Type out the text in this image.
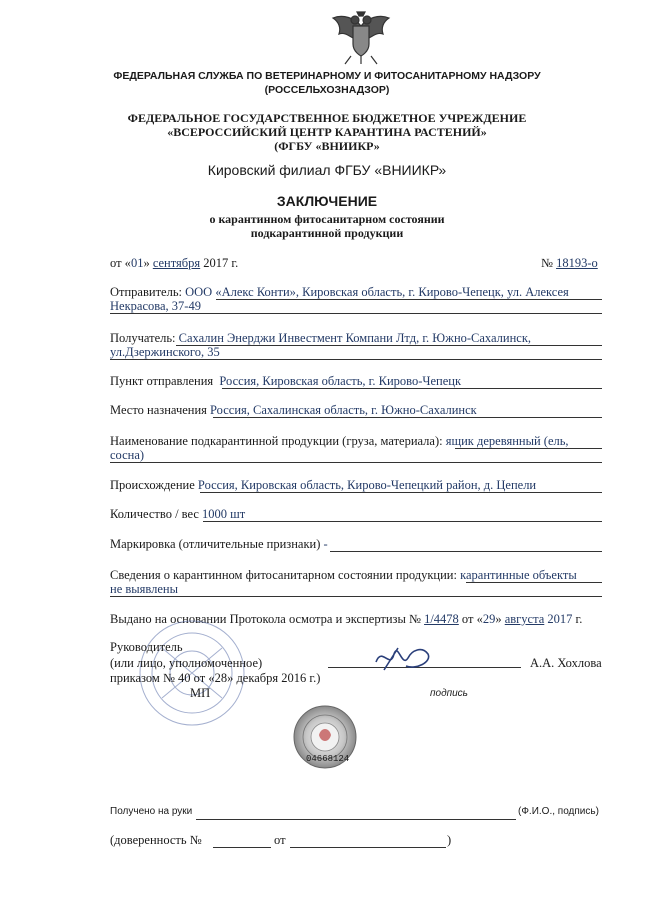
ФЕДЕРАЛЬНАЯ СЛУЖБА ПО ВЕТЕРИНАРНОМУ И ФИТОСАНИТАРНОМУ НАДЗОРУ
(РОССЕЛЬХОЗНАДЗОР)
ФЕДЕРАЛЬНОЕ ГОСУДАРСТВЕННОЕ БЮДЖЕТНОЕ УЧРЕЖДЕНИЕ
«ВСЕРОССИЙСКИЙ ЦЕНТР КАРАНТИНА РАСТЕНИЙ»
(ФГБУ «ВНИИКР»
Кировский филиал ФГБУ «ВНИИКР»
ЗАКЛЮЧЕНИЕ
о карантинном фитосанитарном состоянии
подкарантинной продукции
от «01» сентября 2017 г.	№ 18193-о
Отправитель: ООО «Алекс Конти», Кировская область, г. Кирово-Чепецк, ул. Алексея
Некрасова, 37-49
Получатель: Сахалин Энерджи Инвестмент Компани Лтд, г. Южно-Сахалинск,
ул.Дзержинского, 35
Пункт отправления Россия, Кировская область, г. Кирово-Чепецк
Место назначения Россия, Сахалинская область, г. Южно-Сахалинск
Наименование подкарантинной продукции (груза, материала): ящик деревянный (ель,
сосна)
Происхождение Россия, Кировская область, Кирово-Чепецкий район, д. Цепели
Количество / вес 1000 шт
Маркировка (отличительные признаки) -
Сведения о карантинном фитосанитарном состоянии продукции: карантинные объекты
не выявлены
Выдано на основании Протокола осмотра и экспертизы № 1/4478 от «29» августа 2017 г.
Руководитель
(или лицо, уполномоченное)
приказом № 40 от «28» декабря 2016 г.)
МП
А.А. Хохлова
подпись
04668124
Получено на руки	(Ф.И.О., подпись)
(доверенность №	от	)
